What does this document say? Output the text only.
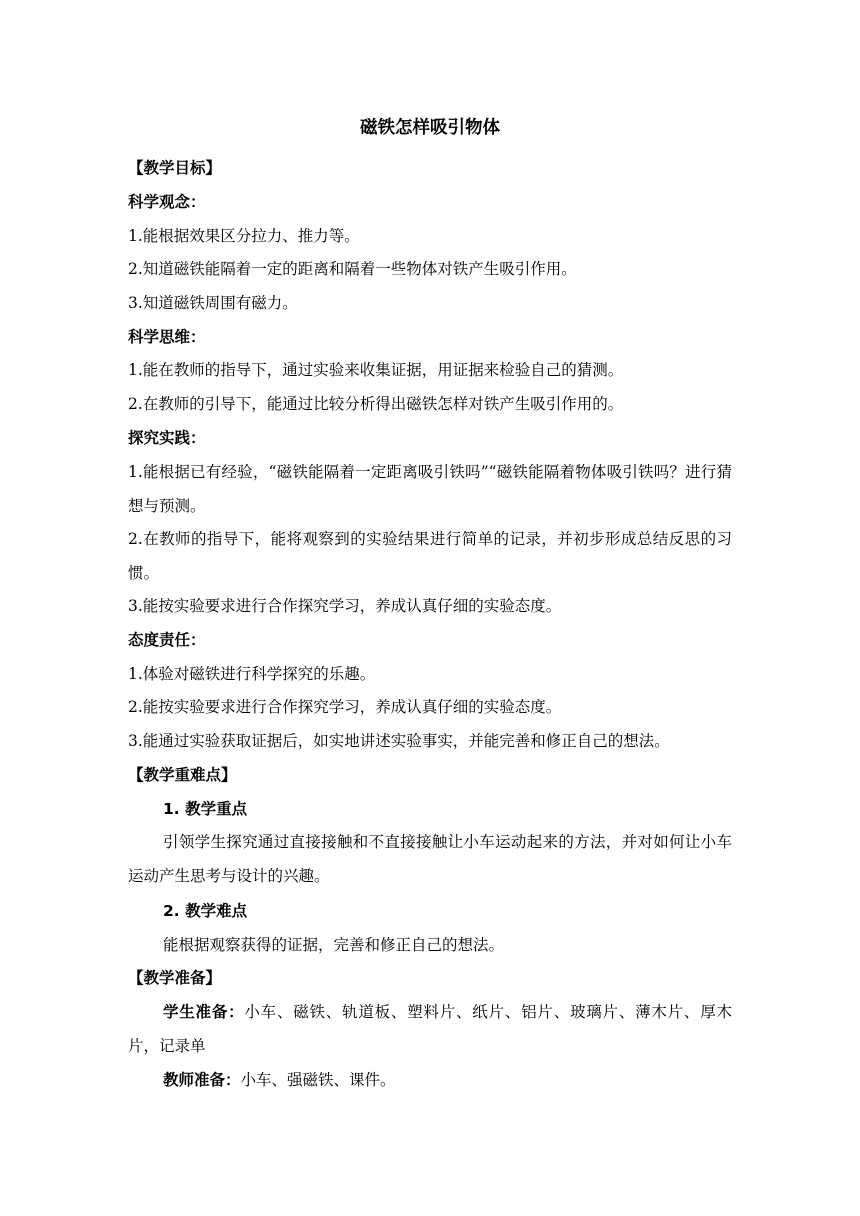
磁铁怎样吸引物体

【教学目标】

科学观念：

1.能根据效果区分拉力、推力等。

2.知道磁铁能隔着一定的距离和隔着一些物体对铁产生吸引作用。

3.知道磁铁周围有磁力。

科学思维：

1.能在教师的指导下，通过实验来收集证据，用证据来检验自己的猜测。

2.在教师的引导下，能通过比较分析得出磁铁怎样对铁产生吸引作用的。

探究实践：

1.能根据已有经验，“磁铁能隔着一定距离吸引铁吗”“磁铁能隔着物体吸引铁吗？进行猜想与预测。

2.在教师的指导下，能将观察到的实验结果进行简单的记录，并初步形成总结反思的习惯。

3.能按实验要求进行合作探究学习，养成认真仔细的实验态度。

态度责任：

1.体验对磁铁进行科学探究的乐趣。

2.能按实验要求进行合作探究学习，养成认真仔细的实验态度。

3.能通过实验获取证据后，如实地讲述实验事实，并能完善和修正自己的想法。

【教学重难点】

1. 教学重点

引领学生探究通过直接接触和不直接接触让小车运动起来的方法，并对如何让小车运动产生思考与设计的兴趣。

2. 教学难点

能根据观察获得的证据，完善和修正自己的想法。

【教学准备】

学生准备：小车、磁铁、轨道板、塑料片、纸片、铝片、玻璃片、薄木片、厚木片，记录单

教师准备：小车、强磁铁、课件。
